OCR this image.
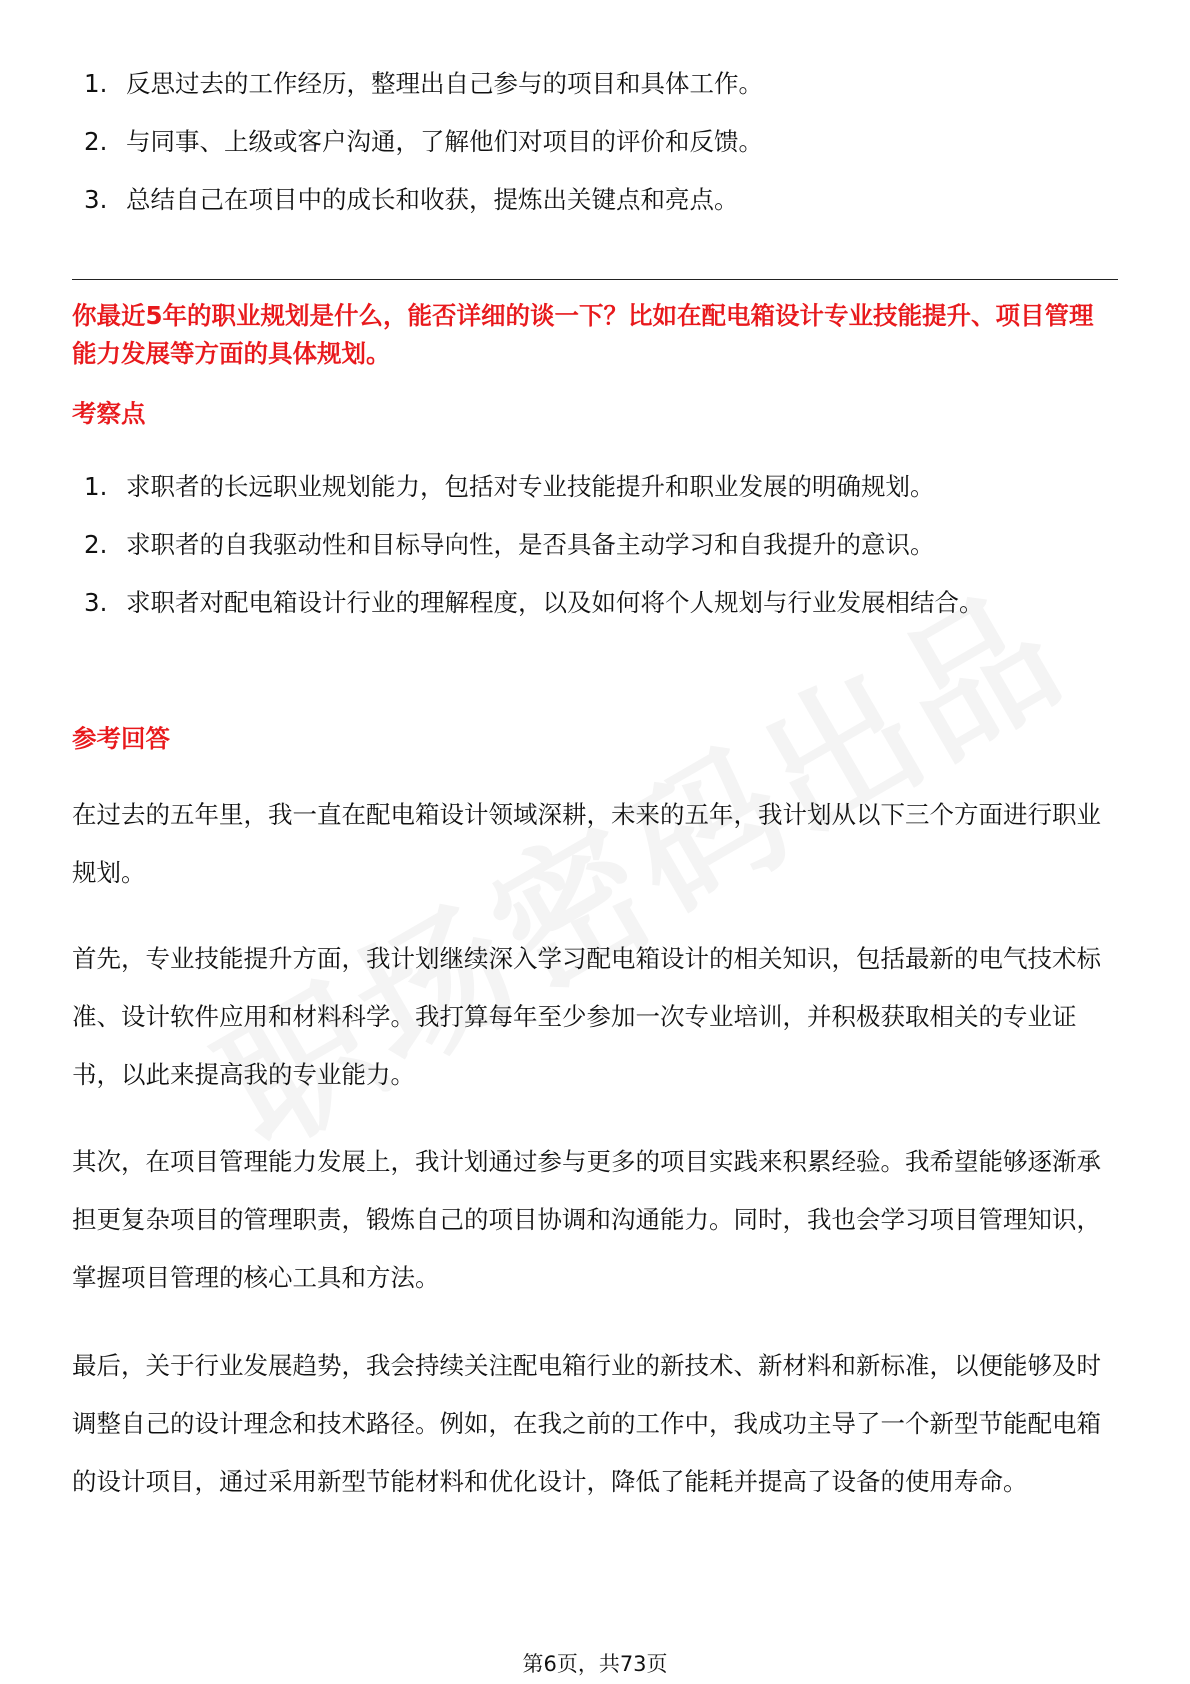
1. 反思过去的工作经历，整理出自己参与的项目和具体工作。
2. 与同事、上级或客户沟通，了解他们对项目的评价和反馈。
3. 总结自己在项目中的成长和收获，提炼出关键点和亮点。
你最近5年的职业规划是什么，能否详细的谈一下？比如在配电箱设计专业技能提升、项目管理能力发展等方面的具体规划。
考察点
1. 求职者的长远职业规划能力，包括对专业技能提升和职业发展的明确规划。
2. 求职者的自我驱动性和目标导向性，是否具备主动学习和自我提升的意识。
3. 求职者对配电箱设计行业的理解程度，以及如何将个人规划与行业发展相结合。
参考回答

在过去的五年里，我一直在配电箱设计领域深耕，未来的五年，我计划从以下三个方面进行职业规划。

首先，专业技能提升方面，我计划继续深入学习配电箱设计的相关知识，包括最新的电气技术标准、设计软件应用和材料科学。我打算每年至少参加一次专业培训，并积极获取相关的专业证书，以此来提高我的专业能力。

其次，在项目管理能力发展上，我计划通过参与更多的项目实践来积累经验。我希望能够逐渐承担更复杂项目的管理职责，锻炼自己的项目协调和沟通能力。同时，我也会学习项目管理知识，掌握项目管理的核心工具和方法。

最后，关于行业发展趋势，我会持续关注配电箱行业的新技术、新材料和新标准，以便能够及时调整自己的设计理念和技术路径。例如，在我之前的工作中，我成功主导了一个新型节能配电箱的设计项目，通过采用新型节能材料和优化设计，降低了能耗并提高了设备的使用寿命。

第6页，共73页
